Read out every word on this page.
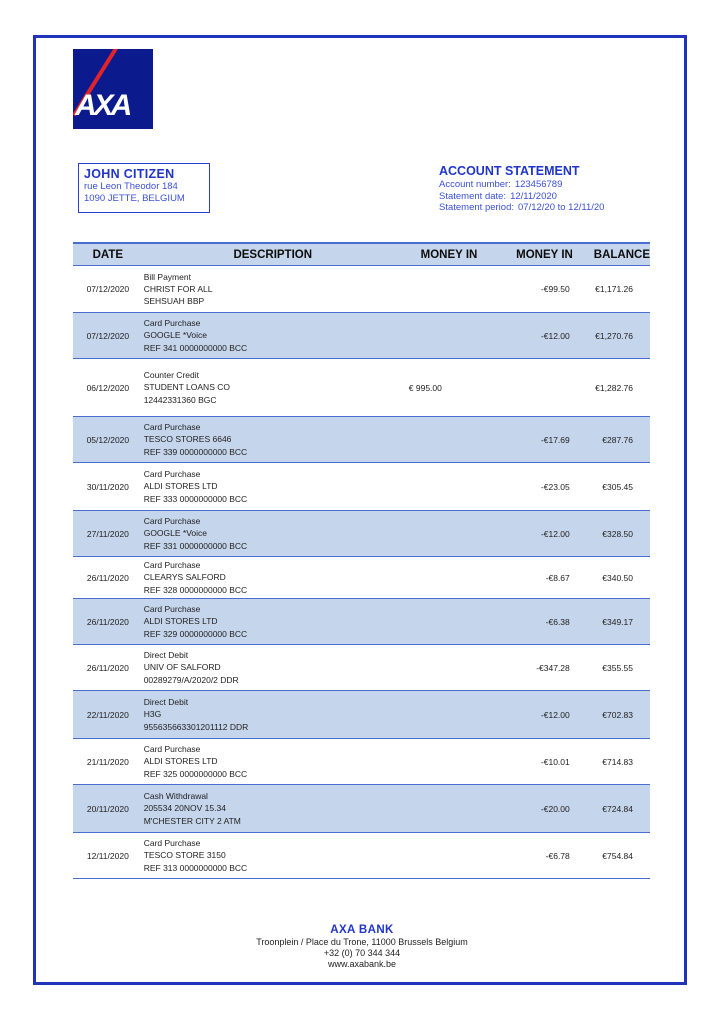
AXA
JOHN CITIZEN
rue Leon Theodor 184
1090 JETTE, BELGIUM
ACCOUNT STATEMENT
Account number: 123456789
Statement date: 12/11/2020
Statement period: 07/12/20 to 12/11/20
DATE	DESCRIPTION	MONEY IN	MONEY IN	BALANCE
07/12/2020	Bill Payment
CHRIST FOR ALL
SEHSUAH BBP		-€99.50	€1,171.26
07/12/2020	Card Purchase
GOOGLE *Voice
REF 341 0000000000 BCC		-€12.00	€1,270.76
06/12/2020	Counter Credit
STUDENT LOANS CO
12442331360 BGC	€ 995.00		€1,282.76
05/12/2020	Card Purchase
TESCO STORES 6646
REF 339 0000000000 BCC		-€17.69	€287.76
30/11/2020	Card Purchase
ALDI STORES LTD
REF 333 0000000000 BCC		-€23.05	€305.45
27/11/2020	Card Purchase
GOOGLE *Voice
REF 331 0000000000 BCC		-€12.00	€328.50
26/11/2020	Card Purchase
CLEARYS SALFORD
REF 328 0000000000 BCC		-€8.67	€340.50
26/11/2020	Card Purchase
ALDI STORES LTD
REF 329 0000000000 BCC		-€6.38	€349.17
26/11/2020	Direct Debit
UNIV OF SALFORD
00289279/A/2020/2 DDR		-€347.28	€355.55
22/11/2020	Direct Debit
H3G
955635663301201112 DDR		-€12.00	€702.83
21/11/2020	Card Purchase
ALDI STORES LTD
REF 325 0000000000 BCC		-€10.01	€714.83
20/11/2020	Cash Withdrawal
205534 20NOV 15.34
M'CHESTER CITY 2 ATM		-€20.00	€724.84
12/11/2020	Card Purchase
TESCO STORE 3150
REF 313 0000000000 BCC		-€6.78	€754.84
AXA BANK
Troonplein / Place du Trone, 11000 Brussels Belgium
+32 (0) 70 344 344
www.axabank.be
